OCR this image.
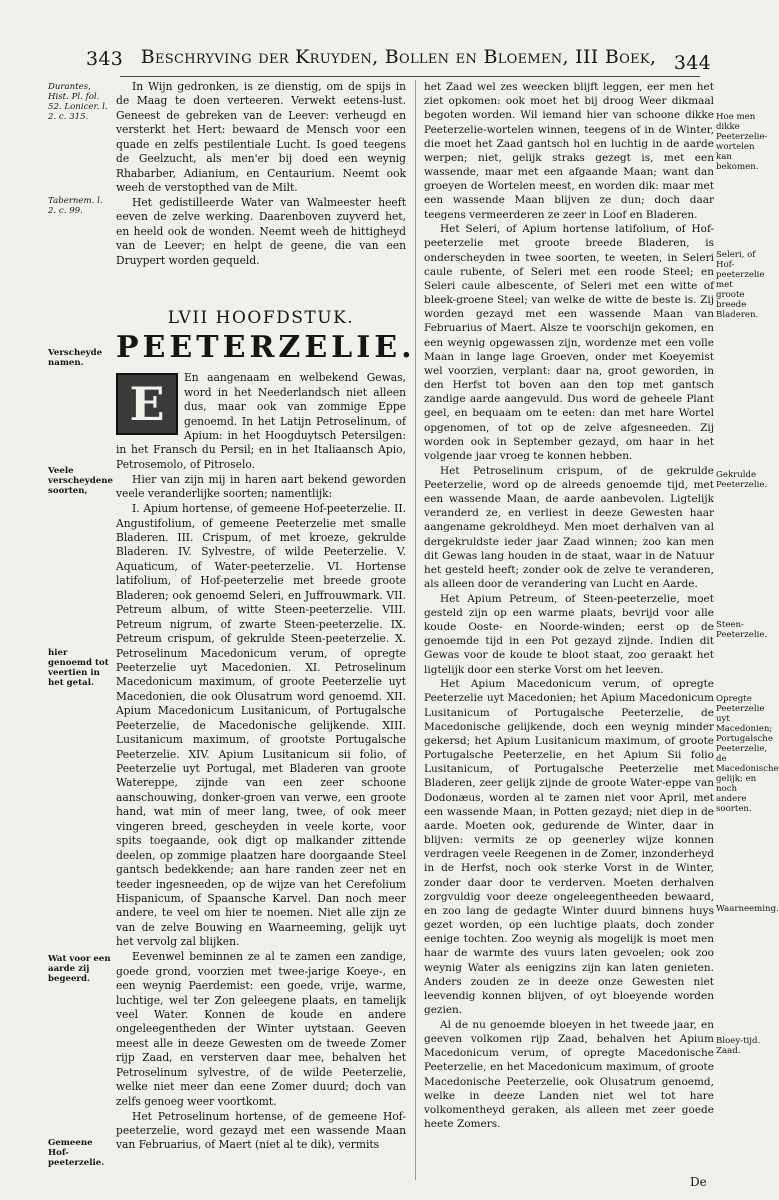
343 Beschryving der Kruyden, Bollen en Bloemen, III Boek, 344
Durantes, Hist. Pl. fol. 52. Lonicer. l. 2. c. 315.
Tabernem. l. 2. c. 99.
Verscheyde namen.
Veele verscheydene soorten,
hier genoemd tot veertien in het getal.
Wat voor een aarde zij begeerd.
Gemeene Hof-peeterzelie.

In Wijn gedronken, is ze dienstig, om de spijs in de Maag te doen verteeren. Verwekt eetens-lust. Geneest de gebreken van de Leever: verheugd en versterkt het Hert: bewaard de Mensch voor een quade en zelfs pestilentiale Lucht. Is goed teegens de Geelzucht, als men'er bij doed een weynig Rhabarber, Adianium, en Centaurium. Neemt ook weeh de verstopthed van de Milt.

Het gedistilleerde Water van Walmeester heeft eeven de zelve werking. Daarenboven zuyverd het, en heeld ook de wonden. Neemt weeh de hittigheyd van de Leever; en helpt de geene, die van een Druypert worden gequeld.

LVII HOOFDSTUK.
PEETERZELIE.
E	En aangenaam en welbekend Gewas, word in het Neederlandsch niet alleen dus, maar ook van zommige Eppe genoemd. In het Latijn Petroselinum, of Apium: in het Hoogduytsch Petersilgen: in het Fransch du Persil; en in het Italiaansch Apio, Petrosemolo, of Pitroselo.

Hier van zijn mij in haren aart bekend geworden veele veranderlijke soorten; namentlijk:

I. Apium hortense, of gemeene Hof-peeterzelie. II. Angustifolium, of gemeene Peeterzelie met smalle Bladeren. III. Crispum, of met kroeze, gekrulde Bladeren. IV. Sylvestre, of wilde Peeterzelie. V. Aquaticum, of Water-peeterzelie. VI. Hortense latifolium, of Hof-peeterzelie met breede groote Bladeren; ook genoemd Seleri, en Juffrouwmark. VII. Petreum album, of witte Steen-peeterzelie. VIII. Petreum nigrum, of zwarte Steen-peeterzelie. IX. Petreum crispum, of gekrulde Steen-peeterzelie. X. Petroselinum Macedonicum verum, of opregte Peeterzelie uyt Macedonien. XI. Petroselinum Macedonicum maximum, of groote Peeterzelie uyt Macedonien, die ook Olusatrum word genoemd. XII. Apium Macedonicum Lusitanicum, of Portugalsche Peeterzelie, de Macedonische gelijkende. XIII. Lusitanicum maximum, of grootste Portugalsche Peeterzelie. XIV. Apium Lusitanicum sii folio, of Peeterzelie uyt Portugal, met Bladeren van groote Watereppe, zijnde van een zeer schoone aanschouwing, donker-groen van verwe, een groote hand, wat min of meer lang, twee, of ook meer vingeren breed, gescheyden in veele korte, voor spits toegaande, ook digt op malkander zittende deelen, op zommige plaatzen hare doorgaande Steel gantsch bedekkende; aan hare randen zeer net en teeder ingesneeden, op de wijze van het Cerefolium Hispanicum, of Spaansche Karvel. Dan noch meer andere, te veel om hier te noemen. Niet alle zijn ze van de zelve Bouwing en Waarneeming, gelijk uyt het vervolg zal blijken.

Eevenwel beminnen ze al te zamen een zandige, goede grond, voorzien met twee-jarige Koeye-, en een weynig Paerdemist: een goede, vrije, warme, luchtige, wel ter Zon geleegene plaats, en tamelijk veel Water. Konnen de koude en andere ongeleegentheden der Winter uytstaan. Geeven meest alle in deeze Gewesten om de tweede Zomer rijp Zaad, en versterven daar mee, behalven het Petroselinum sylvestre, of de wilde Peeterzelie, welke niet meer dan eene Zomer duurd; doch van zelfs genoeg weer voortkomt.

Het Petroselinum hortense, of de gemeene Hof-peeterzelie, word gezayd met een wassende Maan van Februarius, of Maert (niet al te dik), vermits

het Zaad wel zes weecken blijft leggen, eer men het ziet opkomen: ook moet het bij droog Weer dikmaal begoten worden. Wil iemand hier van schoone dikke Peeterzelie-wortelen winnen, teegens of in de Winter, die moet het Zaad gantsch hol en luchtig in de aarde werpen; niet, gelijk straks gezegt is, met een wassende, maar met een afgaande Maan; want dan groeyen de Wortelen meest, en worden dik: maar met een wassende Maan blijven ze dun; doch daar teegens vermeerderen ze zeer in Loof en Bladeren.

Het Seleri, of Apium hortense latifolium, of Hof-peeterzelie met groote breede Bladeren, is onderscheyden in twee soorten, te weeten, in Seleri caule rubente, of Seleri met een roode Steel; en Seleri caule albescente, of Seleri met een witte of bleek-groene Steel; van welke de witte de beste is. Zij worden gezayd met een wassende Maan van Februarius of Maert. Alsze te voorschijn gekomen, en een weynig opgewassen zijn, wordenze met een volle Maan in lange lage Groeven, onder met Koeyemist wel voorzien, verplant: daar na, groot geworden, in den Herfst tot boven aan den top met gantsch zandige aarde aangevuld. Dus word de geheele Plant geel, en bequaam om te eeten: dan met hare Wortel opgenomen, of tot op de zelve afgesneeden. Zij worden ook in September gezayd, om haar in het volgende jaar vroeg te konnen hebben.

Het Petroselinum crispum, of de gekrulde Peeterzelie, word op de alreeds genoemde tijd, met een wassende Maan, de aarde aanbevolen. Ligtelijk veranderd ze, en verliest in deeze Gewesten haar aangename gekroldheyd. Men moet derhalven van al dergekruldste ieder jaar Zaad winnen; zoo kan men dit Gewas lang houden in de staat, waar in de Natuur het gesteld heeft; zonder ook de zelve te veranderen, als alleen door de verandering van Lucht en Aarde.

Het Apium Petreum, of Steen-peeterzelie, moet gesteld zijn op een warme plaats, bevrijd voor alle koude Ooste- en Noorde-winden; eerst op de genoemde tijd in een Pot gezayd zijnde. Indien dit Gewas voor de koude te bloot staat, zoo geraakt het ligtelijk door een sterke Vorst om het leeven.

Het Apium Macedonicum verum, of opregte Peeterzelie uyt Macedonien; het Apium Macedonicum Lusitanicum of Portugalsche Peeterzelie, de Macedonische gelijkende, doch een weynig minder gekersd; het Apium Lusitanicum maximum, of groote Portugalsche Peeterzelie, en het Apium Sii folio Lusitanicum, of Portugalsche Peeterzelie met Bladeren, zeer gelijk zijnde de groote Water-eppe van Dodonæus, worden al te zamen niet voor April, met een wassende Maan, in Potten gezayd; niet diep in de aarde. Moeten ook, gedurende de Winter, daar in blijven: vermits ze op geenerley wijze konnen verdragen veele Reegenen in de Zomer, inzonderheyd in de Herfst, noch ook sterke Vorst in de Winter, zonder daar door te verderven. Moeten derhalven zorgvuldig voor deeze ongeleegentheeden bewaard, en zoo lang de gedagte Winter duurd binnens huys gezet worden, op een luchtige plaats, doch zonder eenige tochten. Zoo weynig als mogelijk is moet men haar de warmte des vuurs laten gevoelen; ook zoo weynig Water als eenigzins zijn kan laten genieten. Anders zouden ze in deeze onze Gewesten niet leevendig konnen blijven, of oyt bloeyende worden gezien.

Al de nu genoemde bloeyen in het tweede jaar, en geeven volkomen rijp Zaad, behalven het Apium Macedonicum verum, of opregte Macedonische Peeterzelie, en het Macedonicum maximum, of groote Macedonische Peeterzelie, ook Olusatrum genoemd, welke in deeze Landen niet wel tot hare volkomentheyd geraken, als alleen met zeer goede heete Zomers.

Hoe men dikke Peeterzelie-wortelen kan bekomen.
Seleri, of Hof-peeterzelie met groote breede Bladeren.
Gekrulde Peeterzelie.
Steen-Peeterzelie.
Opregte Peeterzelie uyt Macedonien; Portugalsche Peeterzelie, de Macedonische gelijk; en noch andere soorten.
Waarneeming.
Bloey-tijd. Zaad.
De
